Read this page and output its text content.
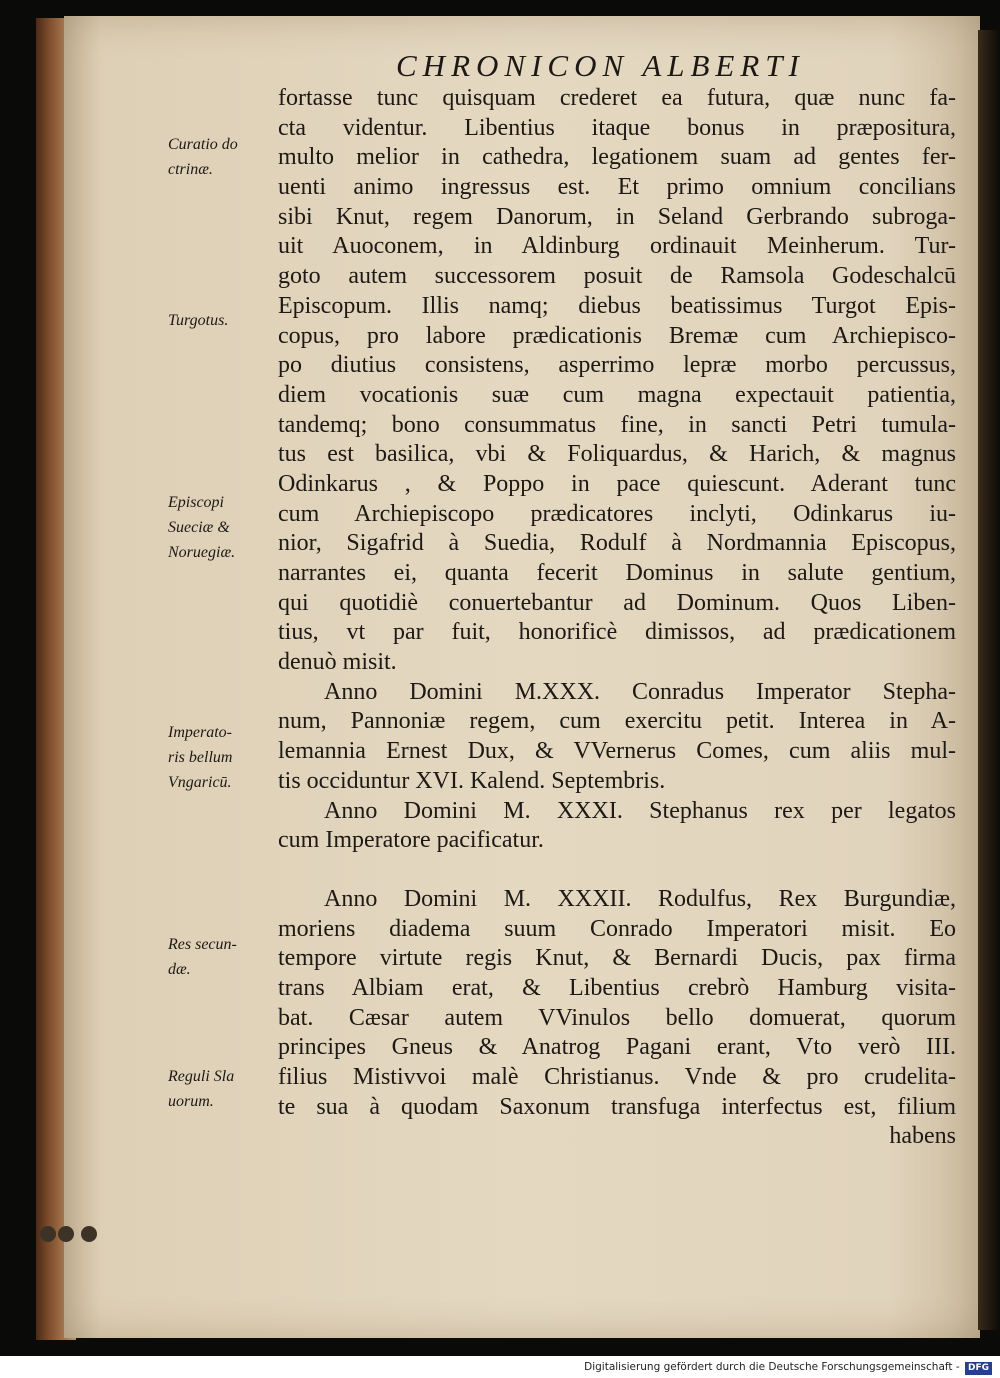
CHRONICON ALBERTI
fortasse tunc quisquam crederet ea futura, quæ nunc fa-
cta videntur. Libentius itaque bonus in præpositura,
multo melior in cathedra, legationem suam ad gentes fer-
uenti animo ingressus est. Et primo omnium concilians
sibi Knut, regem Danorum, in Seland Gerbrando subroga-
uit Auoconem, in Aldinburg ordinauit Meinherum. Tur-
goto autem successorem posuit de Ramsola Godeschalcū
Episcopum. Illis namq; diebus beatissimus Turgot Epis-
copus, pro labore prædicationis Bremæ cum Archiepisco-
po diutius consistens, asperrimo lepræ morbo percussus,
diem vocationis suæ cum magna expectauit patientia,
tandemq; bono consummatus fine, in sancti Petri tumula-
tus est basilica, vbi & Foliquardus, & Harich, & magnus
Odinkarus , & Poppo in pace quiescunt. Aderant tunc
cum Archiepiscopo prædicatores inclyti, Odinkarus iu-
nior, Sigafrid à Suedia, Rodulf à Nordmannia Episcopus,
narrantes ei, quanta fecerit Dominus in salute gentium,
qui quotidiè conuertebantur ad Dominum. Quos Liben-
tius, vt par fuit, honorificè dimissos, ad prædicationem
denuò misit.
Anno Domini M.XXX. Conradus Imperator Stepha-
num, Pannoniæ regem, cum exercitu petit. Interea in A-
lemannia Ernest Dux, & VVernerus Comes, cum aliis mul-
tis occiduntur XVI. Kalend. Septembris.
Anno Domini M. XXXI. Stephanus rex per legatos
cum Imperatore pacificatur.
Anno Domini M. XXXII. Rodulfus, Rex Burgundiæ,
moriens diadema suum Conrado Imperatori misit. Eo
tempore virtute regis Knut, & Bernardi Ducis, pax firma
trans Albiam erat, & Libentius crebrò Hamburg visita-
bat. Cæsar autem VVinulos bello domuerat, quorum
principes Gneus & Anatrog Pagani erant, Vto verò III.
filius Mistivvoi malè Christianus. Vnde & pro crudelita-
te sua à quodam Saxonum transfuga interfectus est, filium
habens
Curatio do
ctrinæ.
Turgotus.
Episcopi
Sueciæ &
Noruegiæ.
Imperato-
ris bellum
Vngaricū.
Res secun-
dæ.
Reguli Sla
uorum.
Digitalisierung gefördert durch die Deutsche Forschungsgemeinschaft - DFG
